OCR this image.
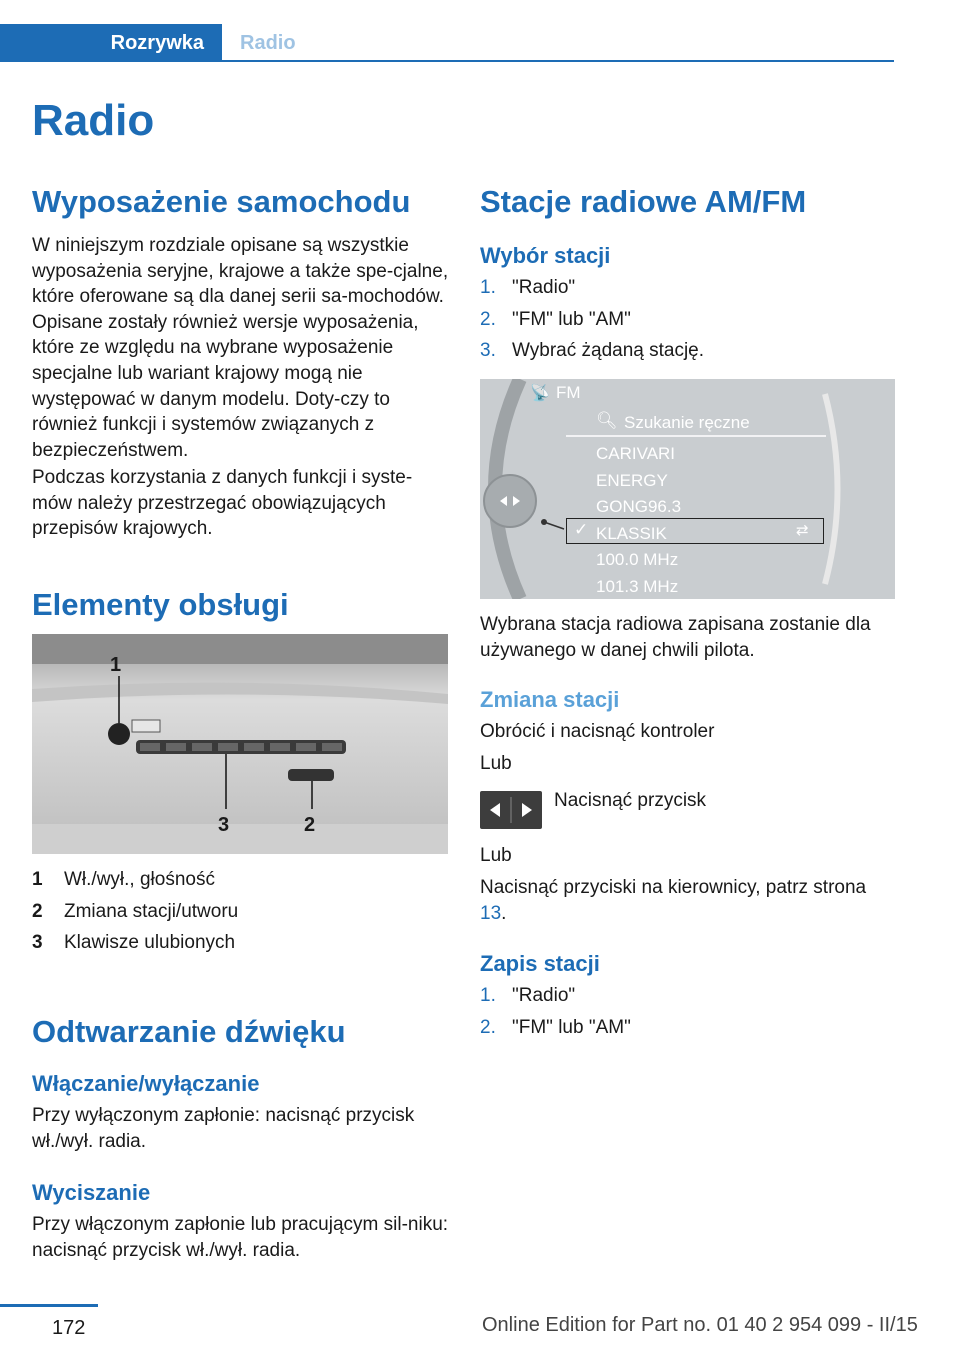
Rozrywka	Radio
Radio
Wyposażenie samochodu
W niniejszym rozdziale opisane są wszystkie wyposażenia seryjne, krajowe a także spe-cjalne, które oferowane są dla danej serii sa-mochodów. Opisane zostały również wersje wyposażenia, które ze względu na wybrane wyposażenie specjalne lub wariant krajowy mogą nie występować w danym modelu. Doty-czy to również funkcji i systemów związanych z bezpieczeństwem.
Podczas korzystania z danych funkcji i syste-mów należy przestrzegać obowiązujących przepisów krajowych.
Elementy obsługi
1
2
3
1	Wł./wył., głośność
2	Zmiana stacji/utworu
3	Klawisze ulubionych
Odtwarzanie dźwięku
Włączanie/wyłączanie
Przy wyłączonym zapłonie: nacisnąć przycisk wł./wył. radia.
Wyciszanie
Przy włączonym zapłonie lub pracującym sil-niku: nacisnąć przycisk wł./wył. radia.
Stacje radiowe AM/FM
Wybór stacji
1. "Radio"
2. "FM" lub "AM"
3. Wybrać żądaną stację.
📡 FM
🔍︎ Szukanie ręczne
CARIVARI
ENERGY
GONG96.3
KLASSIK
100.0 MHz
101.3 MHz
✓	⇄
Wybrana stacja radiowa zapisana zostanie dla używanego w danej chwili pilota.
Zmiana stacji
Obrócić i nacisnąć kontroler
Lub
Nacisnąć przycisk
Lub
Nacisnąć przyciski na kierownicy, patrz strona 13.
Zapis stacji
1. "Radio"
2. "FM" lub "AM"
172	Online Edition for Part no. 01 40 2 954 099 - II/15
